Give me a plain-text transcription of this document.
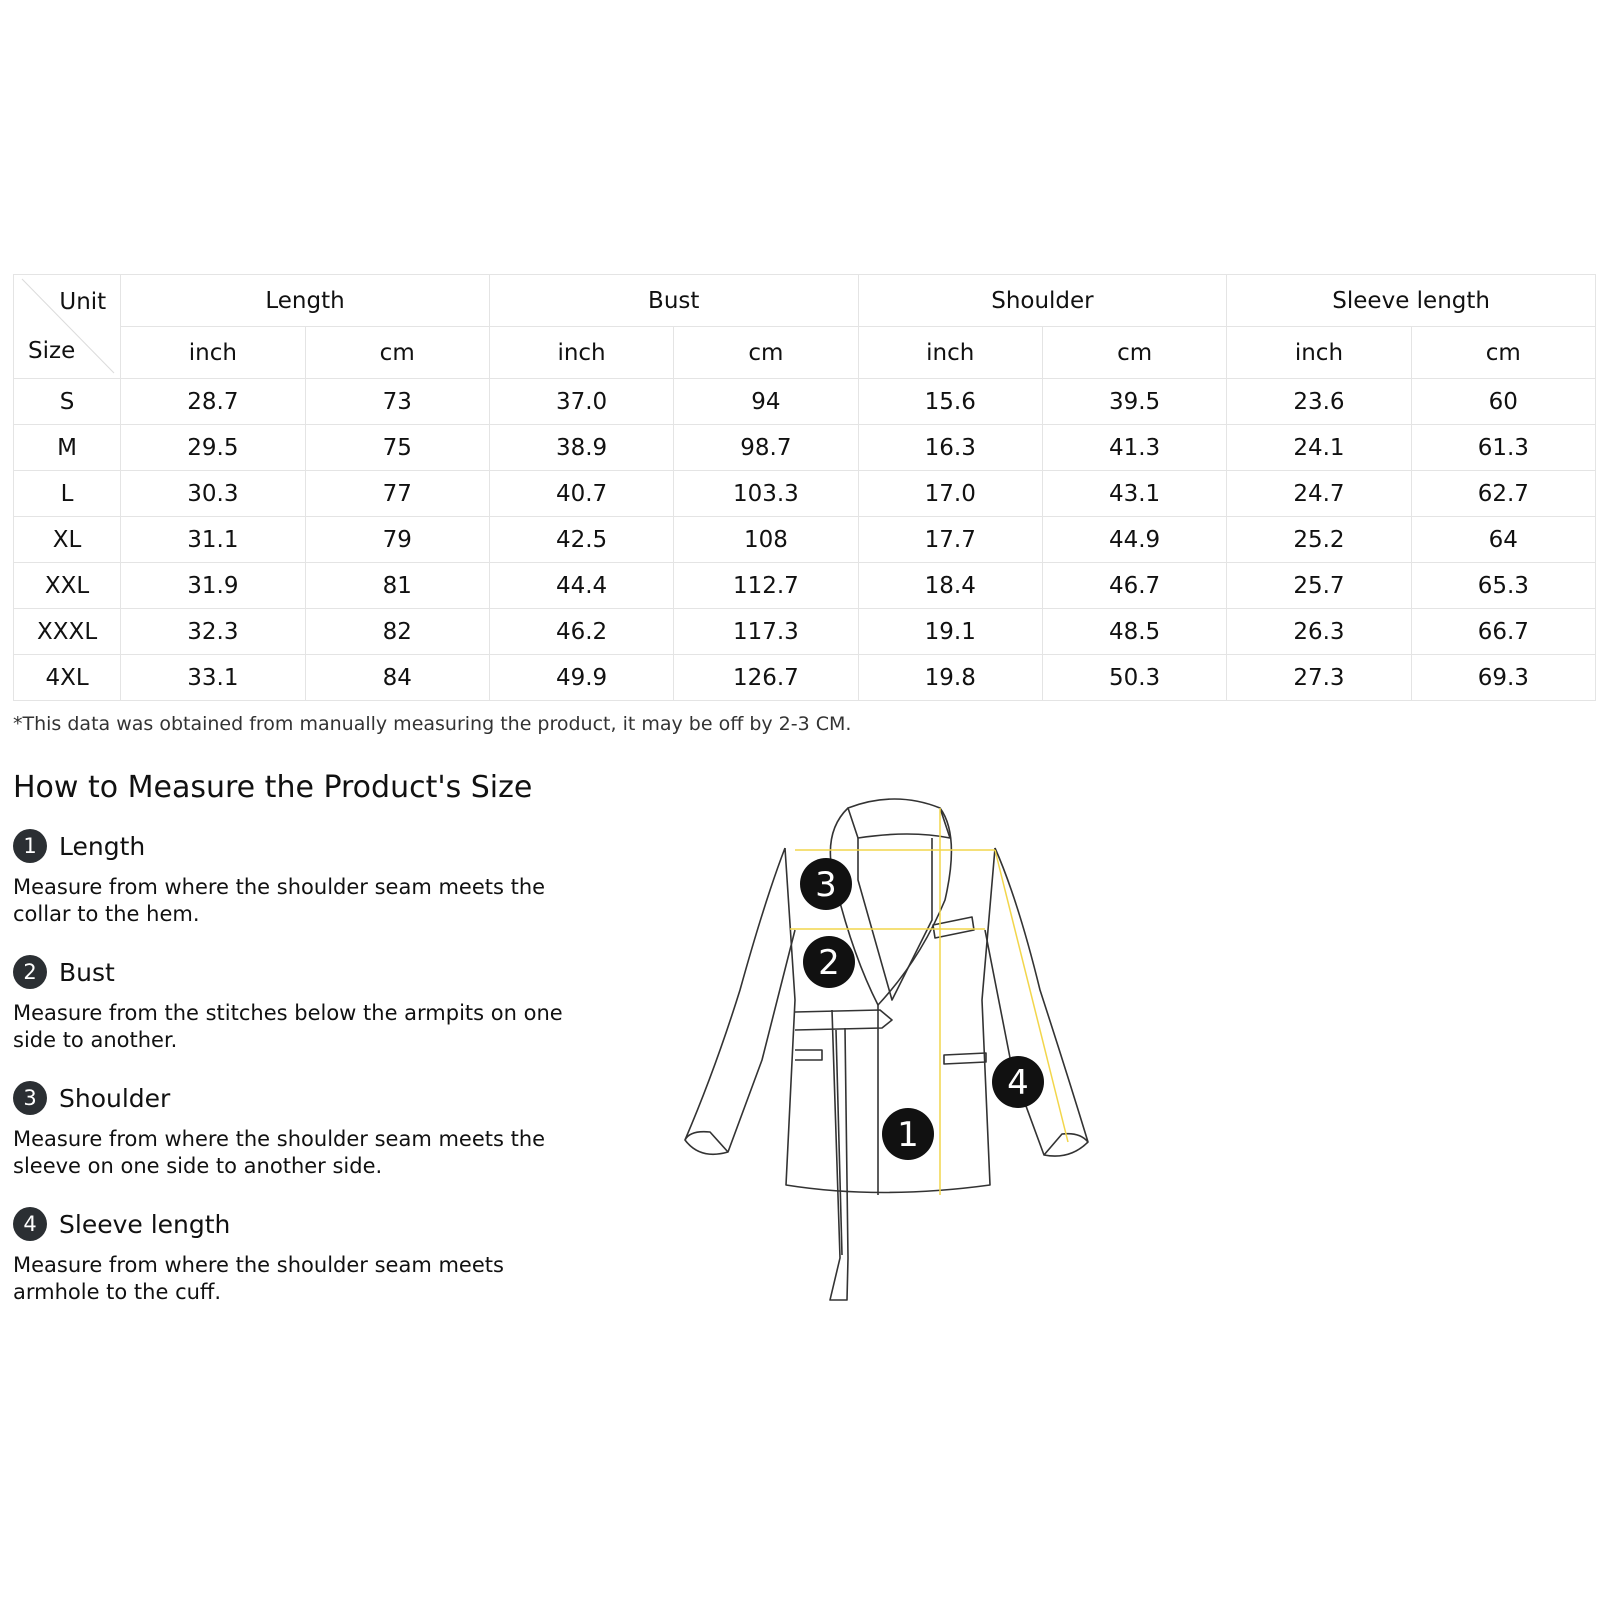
Unit
Size	Length		Bust		Shoulder		Sleeve length	
	inch	cm	inch	cm	inch	cm	inch	cm
S	28.7	73	37.0	94	15.6	39.5	23.6	60
M	29.5	75	38.9	98.7	16.3	41.3	24.1	61.3
L	30.3	77	40.7	103.3	17.0	43.1	24.7	62.7
XL	31.1	79	42.5	108	17.7	44.9	25.2	64
XXL	31.9	81	44.4	112.7	18.4	46.7	25.7	65.3
XXXL	32.3	82	46.2	117.3	19.1	48.5	26.3	66.7
4XL	33.1	84	49.9	126.7	19.8	50.3	27.3	69.3
*This data was obtained from manually measuring the product, it may be off by 2-3 CM.
How to Measure the Product's Size
1 Length
Measure from where the shoulder seam meets the collar to the hem.
2 Bust
Measure from the stitches below the armpits on one side to another.
3 Shoulder
Measure from where the shoulder seam meets the sleeve on one side to another side.
4 Sleeve length
Measure from where the shoulder seam meets armhole to the cuff.
3
2
1
4
